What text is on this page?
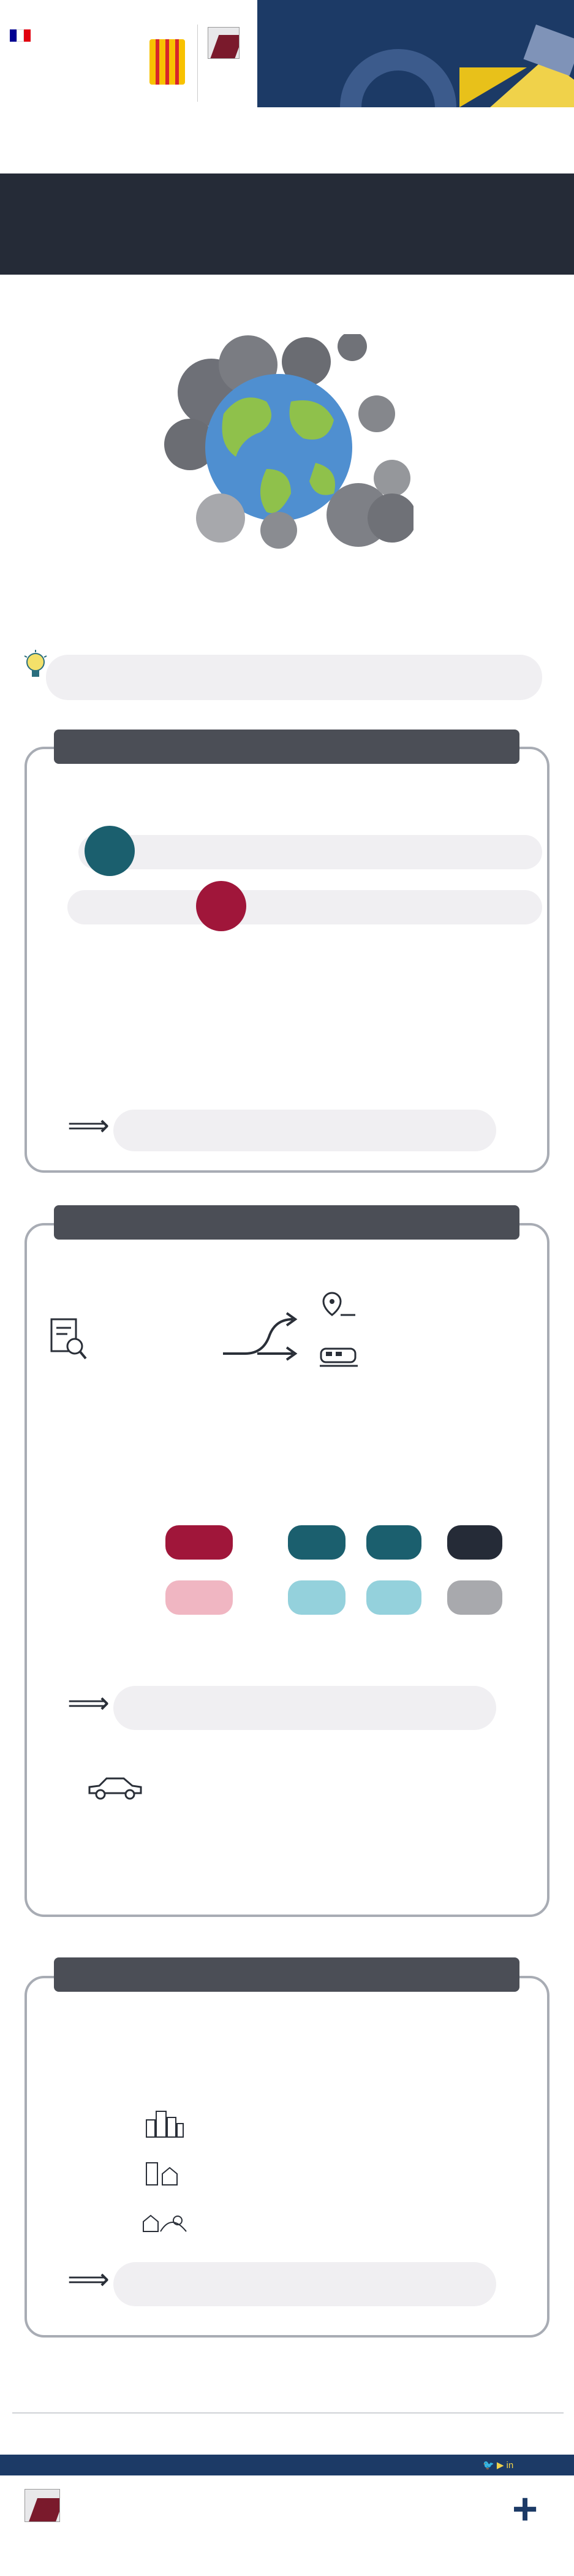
⟹
⟹
⟹

🐦 ▶ in
+
